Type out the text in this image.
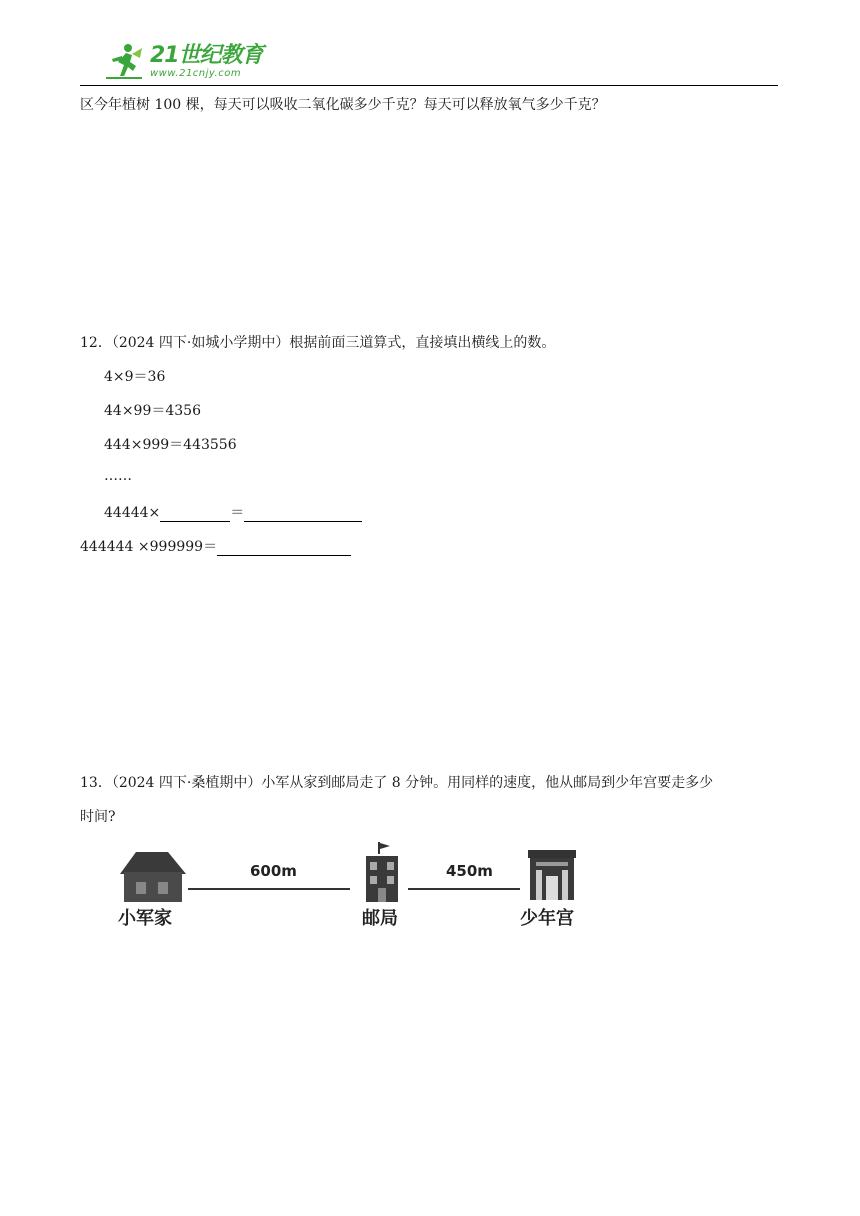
21世纪教育
www.21cnjy.com
区今年植树 100 棵，每天可以吸收二氧化碳多少千克？每天可以释放氧气多少千克？
12．（2024 四下·如城小学期中）根据前面三道算式，直接填出横线上的数。
4×9＝36
44×99＝4356
444×999＝443556
……
44444×	＝
444444 ×999999＝
13．（2024 四下·桑植期中）小军从家到邮局走了 8 分钟。用同样的速度，他从邮局到少年宫要走多少
时间?
小军家
600m
邮局
450m
少年宫
